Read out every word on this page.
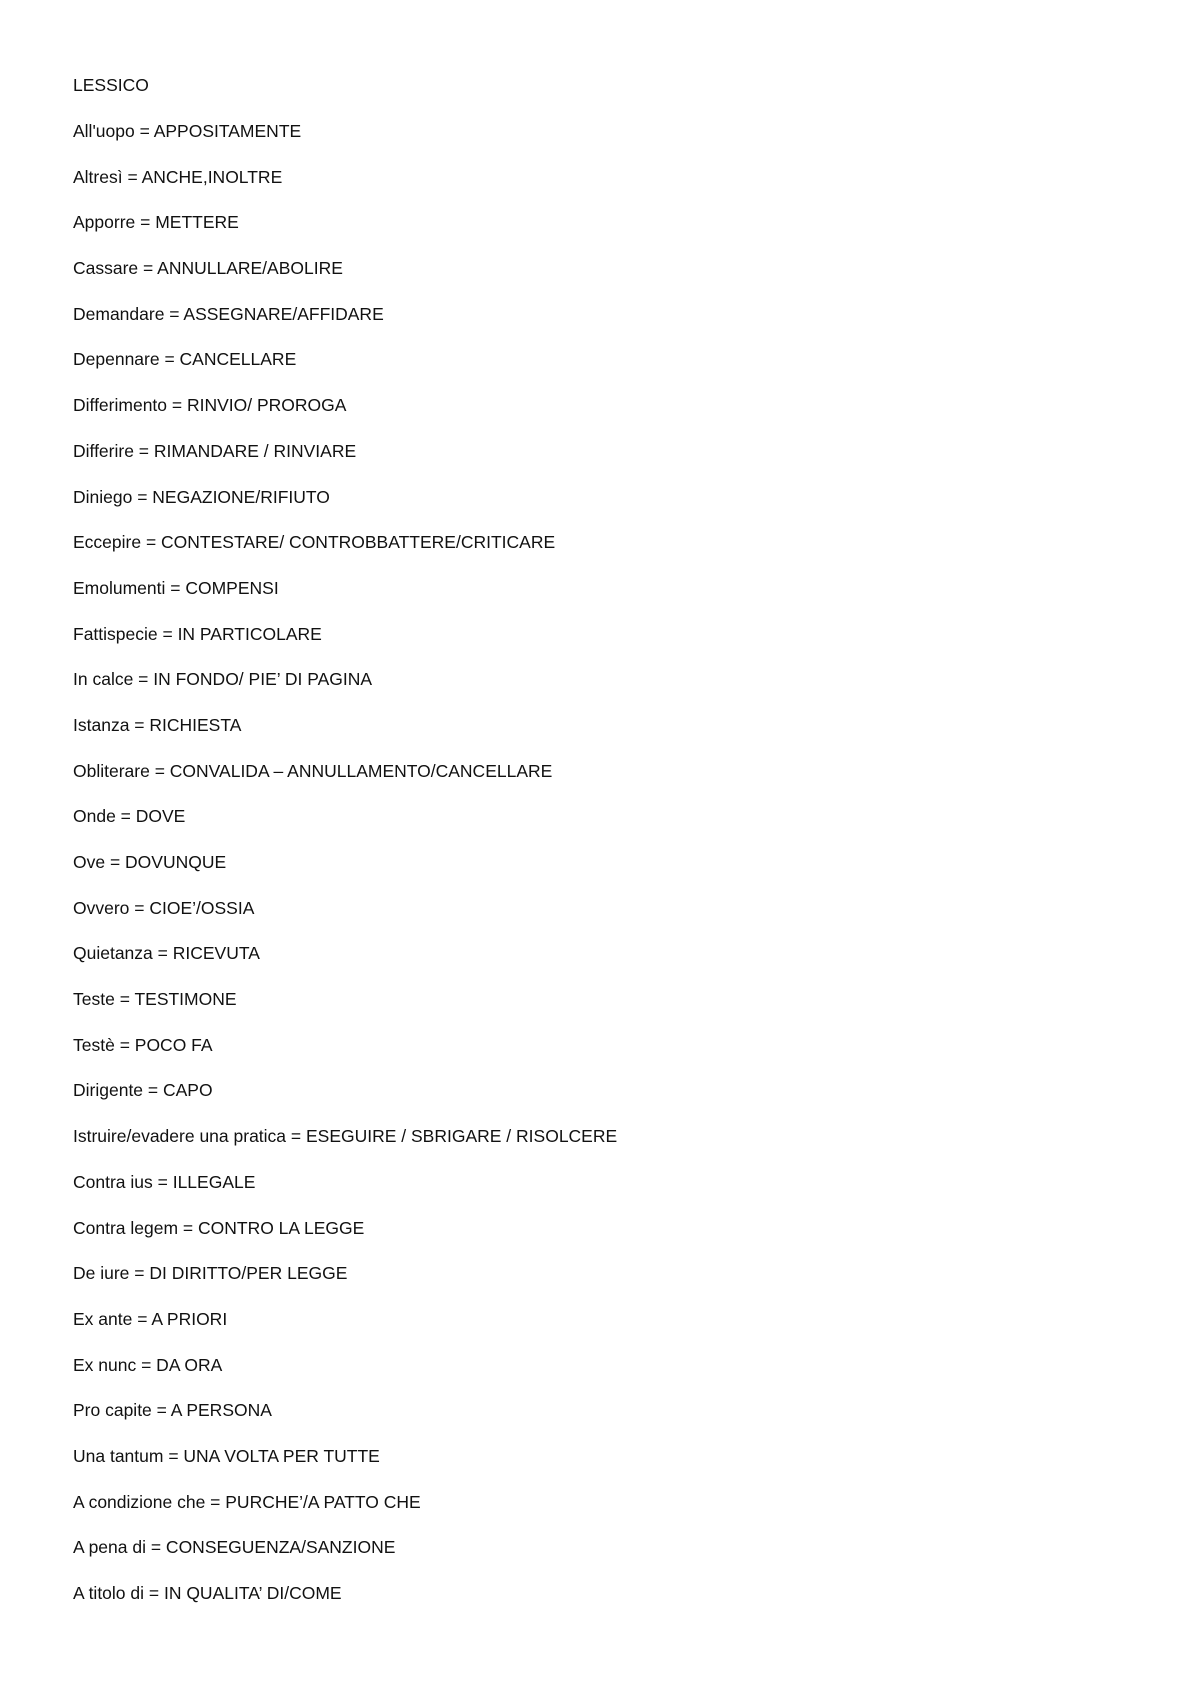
LESSICO
All'uopo = APPOSITAMENTE
Altresì = ANCHE,INOLTRE
Apporre = METTERE
Cassare = ANNULLARE/ABOLIRE
Demandare = ASSEGNARE/AFFIDARE
Depennare = CANCELLARE
Differimento = RINVIO/ PROROGA
Differire = RIMANDARE / RINVIARE
Diniego = NEGAZIONE/RIFIUTO
Eccepire = CONTESTARE/ CONTROBBATTERE/CRITICARE
Emolumenti = COMPENSI
Fattispecie = IN PARTICOLARE
In calce = IN FONDO/ PIE’ DI PAGINA
Istanza = RICHIESTA
Obliterare = CONVALIDA – ANNULLAMENTO/CANCELLARE
Onde = DOVE
Ove = DOVUNQUE
Ovvero = CIOE’/OSSIA
Quietanza = RICEVUTA
Teste = TESTIMONE
Testè = POCO FA
Dirigente = CAPO
Istruire/evadere una pratica = ESEGUIRE / SBRIGARE / RISOLCERE
Contra ius = ILLEGALE
Contra legem = CONTRO LA LEGGE
De iure = DI DIRITTO/PER LEGGE
Ex ante = A PRIORI
Ex nunc = DA ORA
Pro capite = A PERSONA
Una tantum = UNA VOLTA PER TUTTE
A condizione che = PURCHE’/A PATTO CHE
A pena di = CONSEGUENZA/SANZIONE
A titolo di = IN QUALITA’ DI/COME
